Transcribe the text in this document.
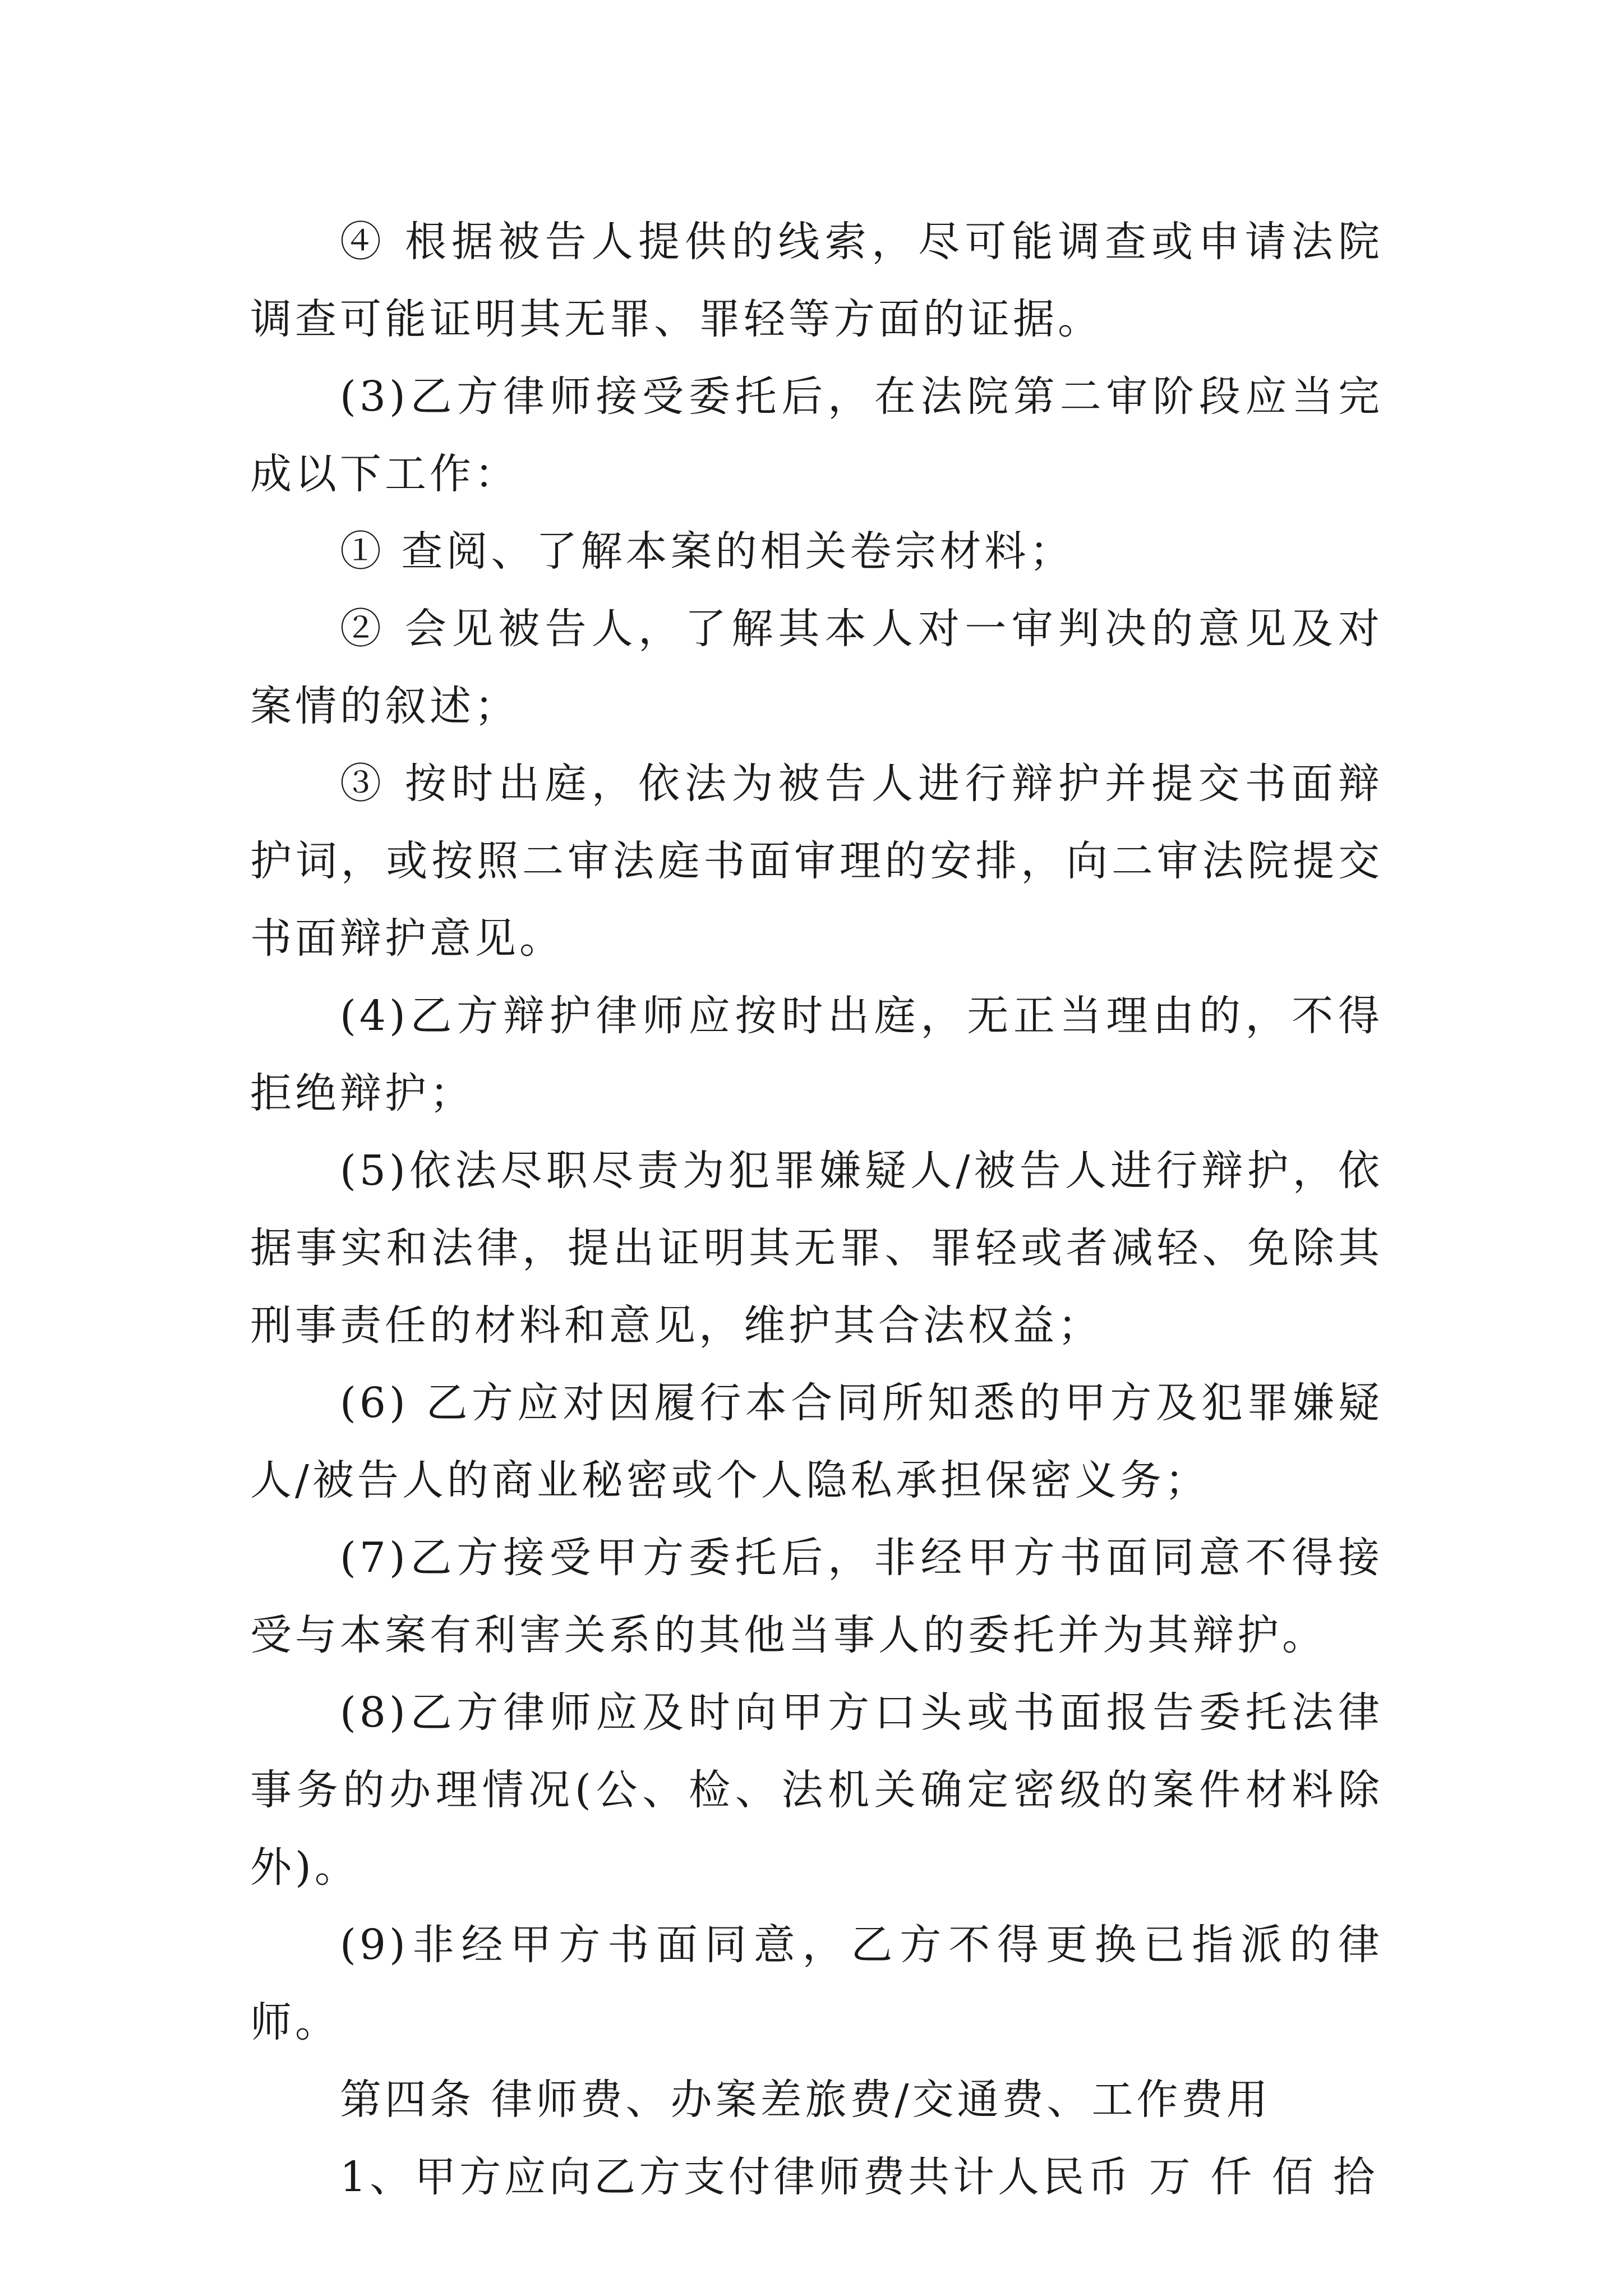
④ 根据被告人提供的线索，尽可能调查或申请法院调查可能证明其无罪、罪轻等方面的证据。

(3)乙方律师接受委托后，在法院第二审阶段应当完成以下工作：

① 查阅、了解本案的相关卷宗材料；

② 会见被告人，了解其本人对一审判决的意见及对案情的叙述；

③ 按时出庭，依法为被告人进行辩护并提交书面辩护词，或按照二审法庭书面审理的安排，向二审法院提交书面辩护意见。

(4)乙方辩护律师应按时出庭，无正当理由的，不得拒绝辩护；

(5)依法尽职尽责为犯罪嫌疑人/被告人进行辩护，依据事实和法律，提出证明其无罪、罪轻或者减轻、免除其刑事责任的材料和意见，维护其合法权益；

(6) 乙方应对因履行本合同所知悉的甲方及犯罪嫌疑人/被告人的商业秘密或个人隐私承担保密义务；

(7)乙方接受甲方委托后，非经甲方书面同意不得接受与本案有利害关系的其他当事人的委托并为其辩护。

(8)乙方律师应及时向甲方口头或书面报告委托法律事务的办理情况(公、检、法机关确定密级的案件材料除外)。

(9)非经甲方书面同意，乙方不得更换已指派的律师。

第四条 律师费、办案差旅费/交通费、工作费用

1、甲方应向乙方支付律师费共计人民币 万 仟 佰 拾
